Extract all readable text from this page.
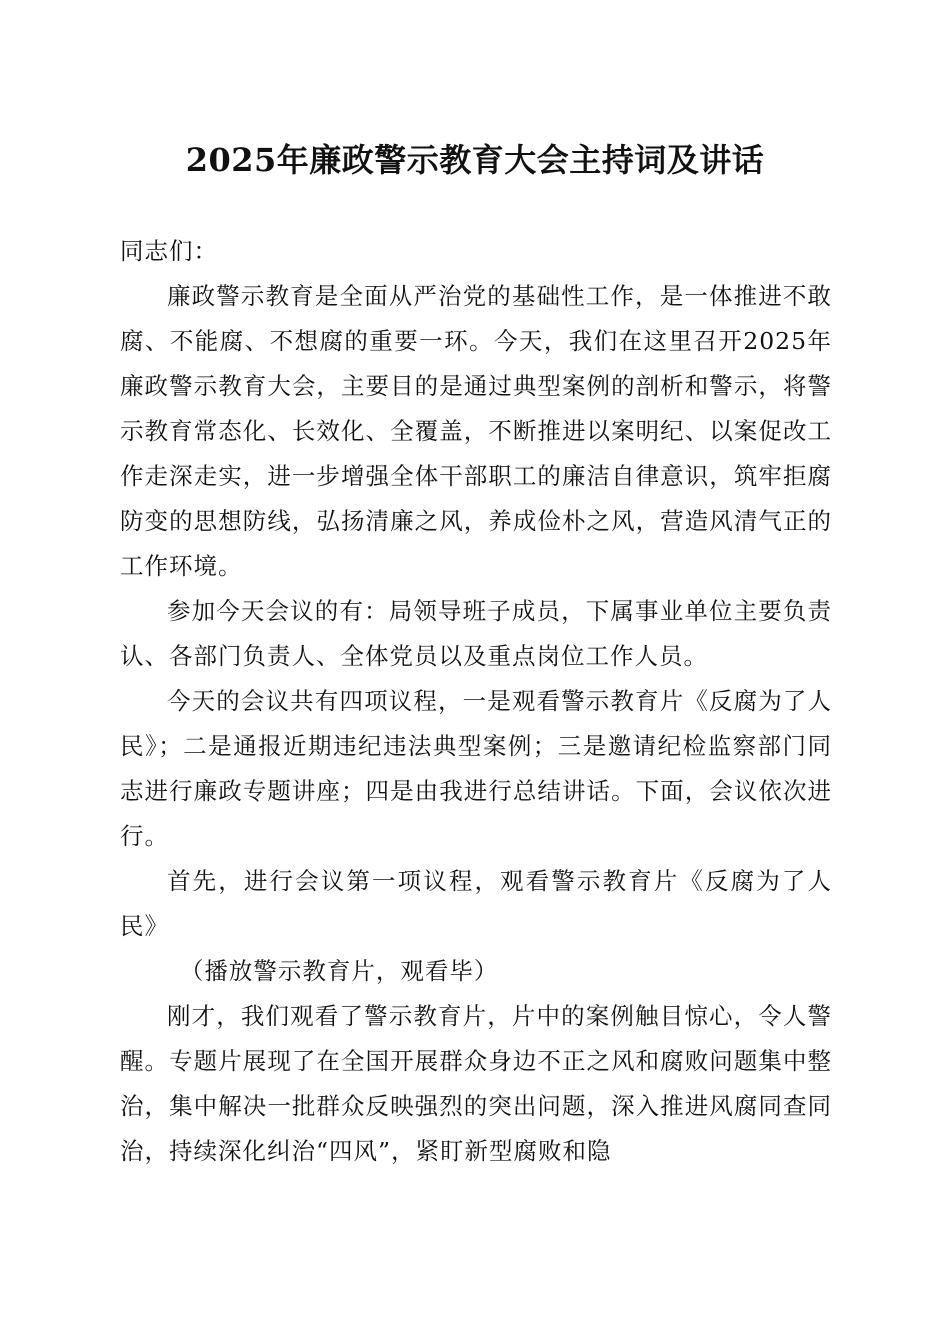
2025年廉政警示教育大会主持词及讲话

同志们：

廉政警示教育是全面从严治党的基础性工作，是一体推进不敢腐、不能腐、不想腐的重要一环。今天，我们在这里召开2025年廉政警示教育大会，主要目的是通过典型案例的剖析和警示，将警示教育常态化、长效化、全覆盖，不断推进以案明纪、以案促改工作走深走实，进一步增强全体干部职工的廉洁自律意识，筑牢拒腐防变的思想防线，弘扬清廉之风，养成俭朴之风，营造风清气正的工作环境。

参加今天会议的有：局领导班子成员，下属事业单位主要负责认、各部门负责人、全体党员以及重点岗位工作人员。

今天的会议共有四项议程，一是观看警示教育片《反腐为了人民》；二是通报近期违纪违法典型案例；三是邀请纪检监察部门同志进行廉政专题讲座；四是由我进行总结讲话。下面，会议依次进行。

首先，进行会议第一项议程，观看警示教育片《反腐为了人民》

（播放警示教育片，观看毕）

刚才，我们观看了警示教育片，片中的案例触目惊心，令人警醒。专题片展现了在全国开展群众身边不正之风和腐败问题集中整治，集中解决一批群众反映强烈的突出问题，深入推进风腐同查同治，持续深化纠治“四风”，紧盯新型腐败和隐
